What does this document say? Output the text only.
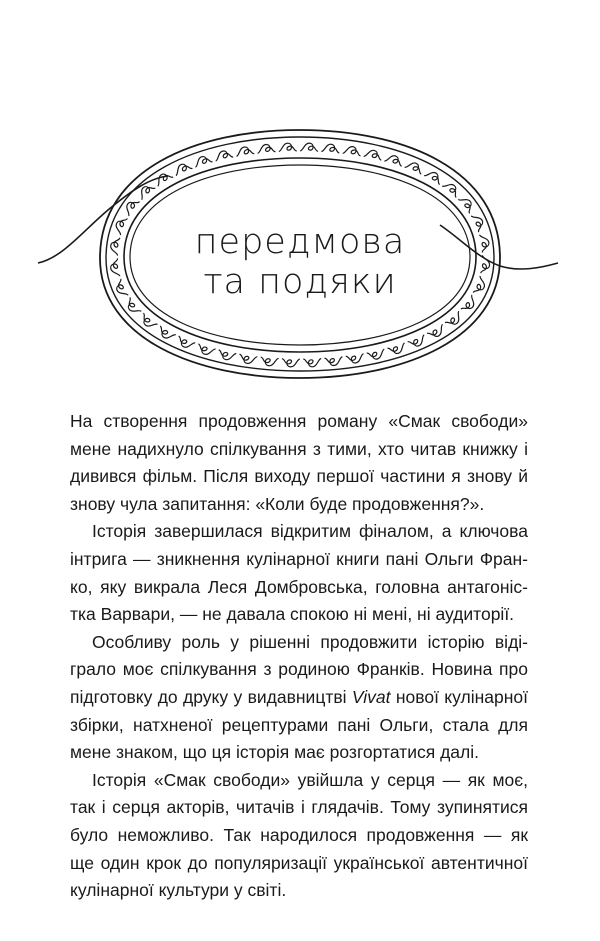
передмова
та подяки

На створення продовження роману «Смак свободи» мене надихнуло спілкування з тими, хто читав книжку і дивився фільм. Після виходу першої частини я знову й знову чула запитання: «Коли буде продовження?».

Історія завершилася відкритим фіналом, а ключова інтрига — зникнення кулінарної книги пані Ольги Франко, яку викрала Леся Домбровська, головна антагоністка Варвари, — не давала спокою ні мені, ні аудиторії.

Особливу роль у рішенні продовжити історію відіграло моє спілкування з родиною Франків. Новина про підготовку до друку у видавництві Vivat нової кулінарної збірки, натхненої рецептурами пані Ольги, стала для мене знаком, що ця історія має розгортатися далі.

Історія «Смак свободи» увійшла у серця — як моє, так і серця акторів, читачів і глядачів. Тому зупинятися було неможливо. Так народилося продовження — як ще один крок до популяризації української автентичної кулінарної культури у світі.
